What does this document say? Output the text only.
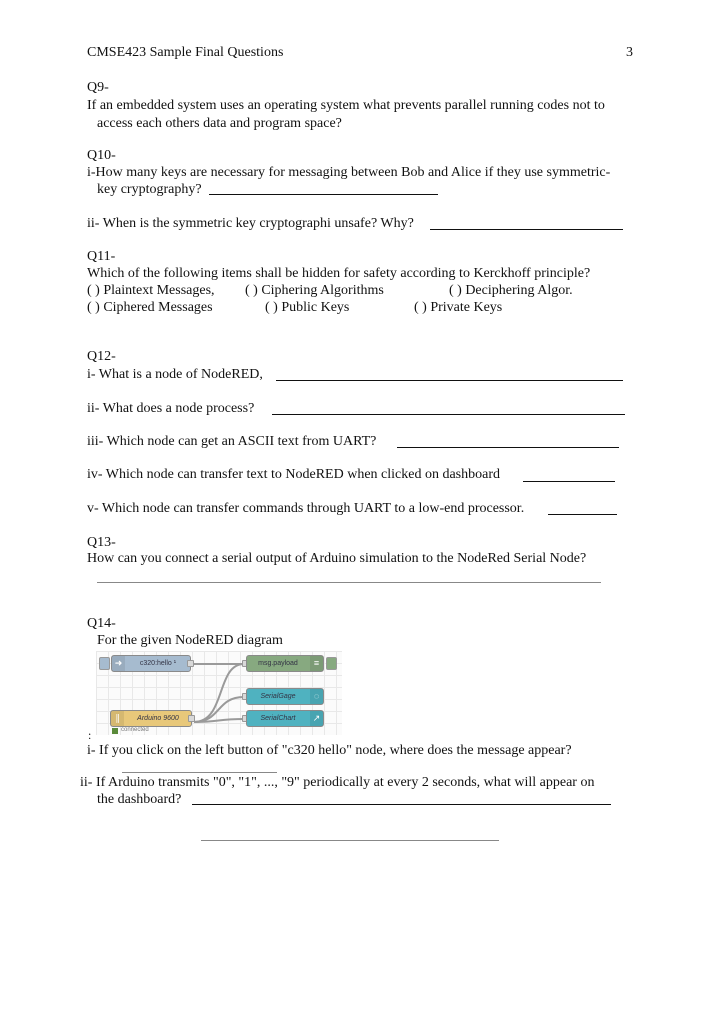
CMSE423 Sample Final Questions	3
Q9-
If an embedded system uses an operating system what prevents parallel running codes not to
access each others data and program space?
Q10-
i-How many keys are necessary for messaging between Bob and Alice if they use symmetric-
key cryptography?
ii- When is the symmetric key cryptographi unsafe? Why?
Q11-
Which of the following items shall be hidden for safety according to Kerckhoff principle?
( ) Plaintext Messages, ( ) Ciphering Algorithms	( ) Deciphering Algor.
( ) Ciphered Messages	( ) Public Keys	( ) Private Keys
Q12-
i- What is a node of NodeRED,
ii- What does a node process?
iii- Which node can get an ASCII text from UART?
iv- Which node can transfer text to NodeRED when clicked on dashboard
v- Which node can transfer commands through UART to a low-end processor.
Q13-
How can you connect a serial output of Arduino simulation to the NodeRed Serial Node?
Q14-
For the given NodeRED diagram
➜	c320:hello ¹	msg.payload	≡
SerialGage	◌
SerialChart	↗
∥	Arduino 9600
connected
:
i- If you click on the left button of "c320 hello" node, where does the message appear?
ii- If Arduino transmits "0", "1", ..., "9" periodically at every 2 seconds, what will appear on
the dashboard?
